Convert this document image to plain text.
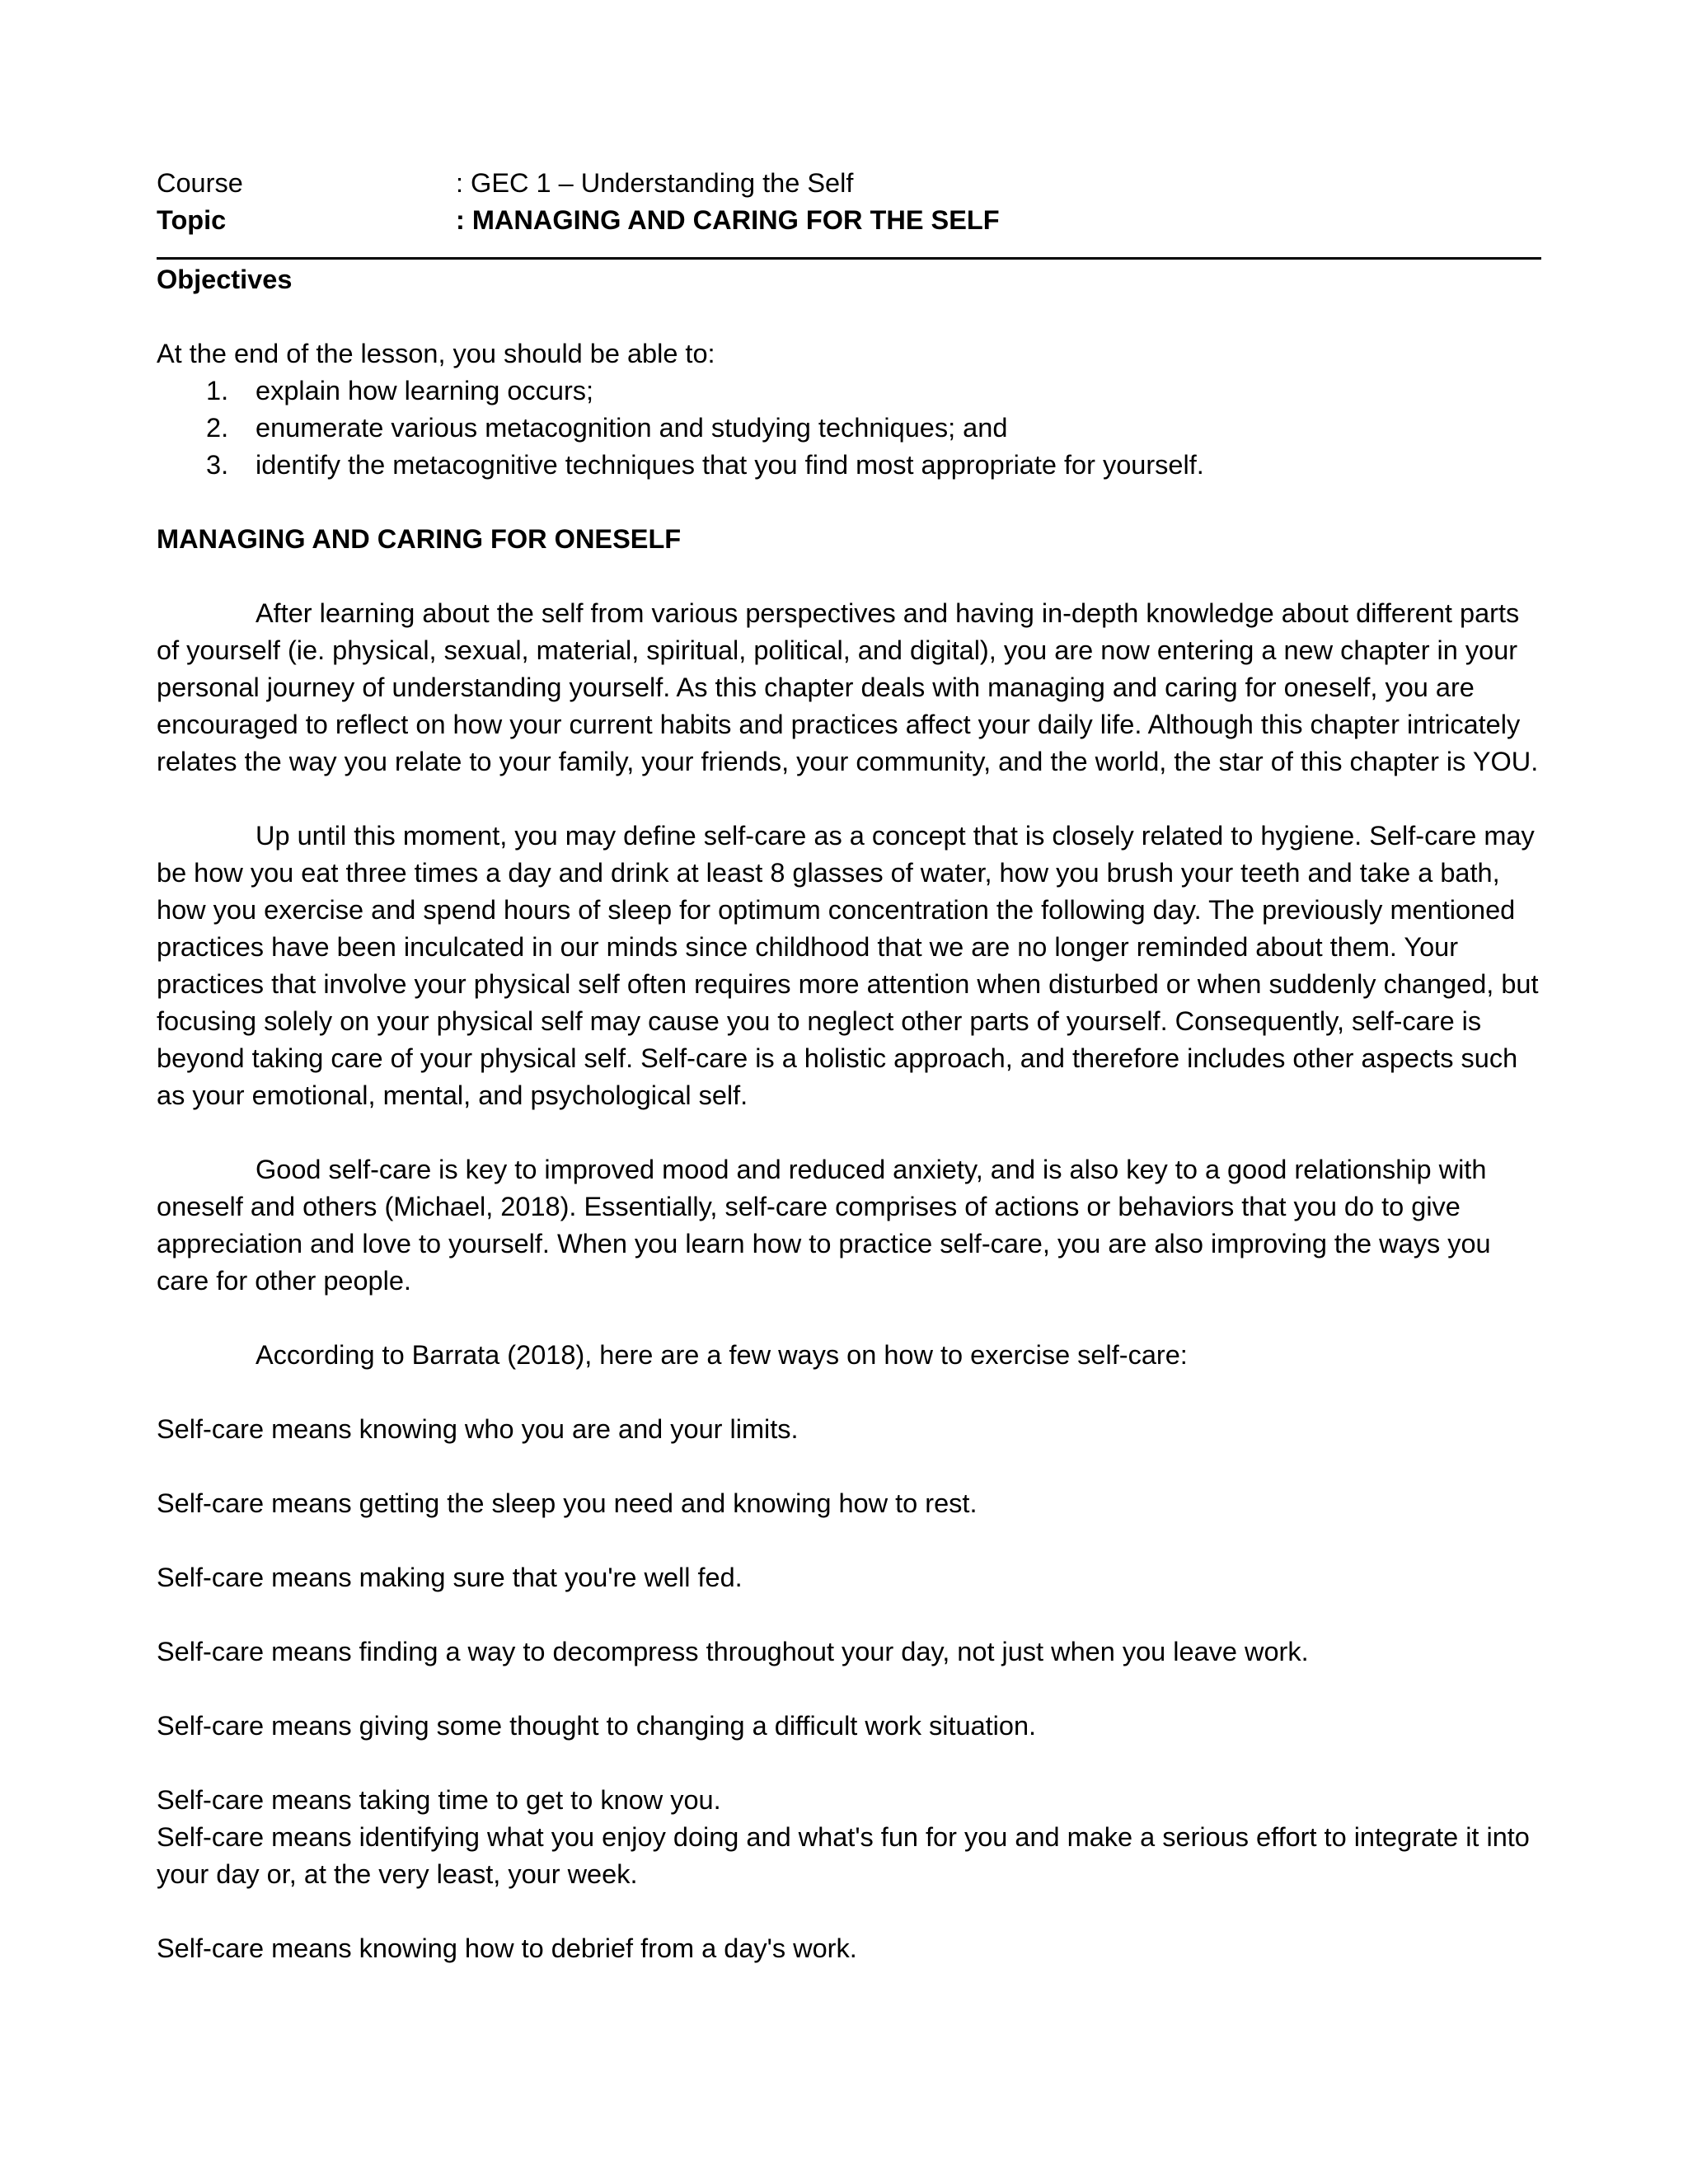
Course	: GEC 1 – Understanding the Self
Topic	: MANAGING AND CARING FOR THE SELF
Objectives
At the end of the lesson, you should be able to:
1.	explain how learning occurs;
2.	enumerate various metacognition and studying techniques; and
3.	identify the metacognitive techniques that you find most appropriate for yourself.
MANAGING AND CARING FOR ONESELF

After learning about the self from various perspectives and having in-depth knowledge about different parts of yourself (ie. physical, sexual, material, spiritual, political, and digital), you are now entering a new chapter in your personal journey of understanding yourself. As this chapter deals with managing and caring for oneself, you are encouraged to reflect on how your current habits and practices affect your daily life. Although this chapter intricately relates the way you relate to your family, your friends, your community, and the world, the star of this chapter is YOU.

Up until this moment, you may define self-care as a concept that is closely related to hygiene. Self-care may be how you eat three times a day and drink at least 8 glasses of water, how you brush your teeth and take a bath, how you exercise and spend hours of sleep for optimum concentration the following day. The previously mentioned practices have been inculcated in our minds since childhood that we are no longer reminded about them. Your practices that involve your physical self often requires more attention when disturbed or when suddenly changed, but focusing solely on your physical self may cause you to neglect other parts of yourself. Consequently, self-care is beyond taking care of your physical self. Self-care is a holistic approach, and therefore includes other aspects such as your emotional, mental, and psychological self.

Good self-care is key to improved mood and reduced anxiety, and is also key to a good relationship with oneself and others (Michael, 2018). Essentially, self-care comprises of actions or behaviors that you do to give appreciation and love to yourself. When you learn how to practice self-care, you are also improving the ways you care for other people.

According to Barrata (2018), here are a few ways on how to exercise self-care:

Self-care means knowing who you are and your limits.

Self-care means getting the sleep you need and knowing how to rest.

Self-care means making sure that you're well fed.

Self-care means finding a way to decompress throughout your day, not just when you leave work.

Self-care means giving some thought to changing a difficult work situation.

Self-care means taking time to get to know you.

Self-care means identifying what you enjoy doing and what's fun for you and make a serious effort to integrate it into your day or, at the very least, your week.

Self-care means knowing how to debrief from a day's work.
